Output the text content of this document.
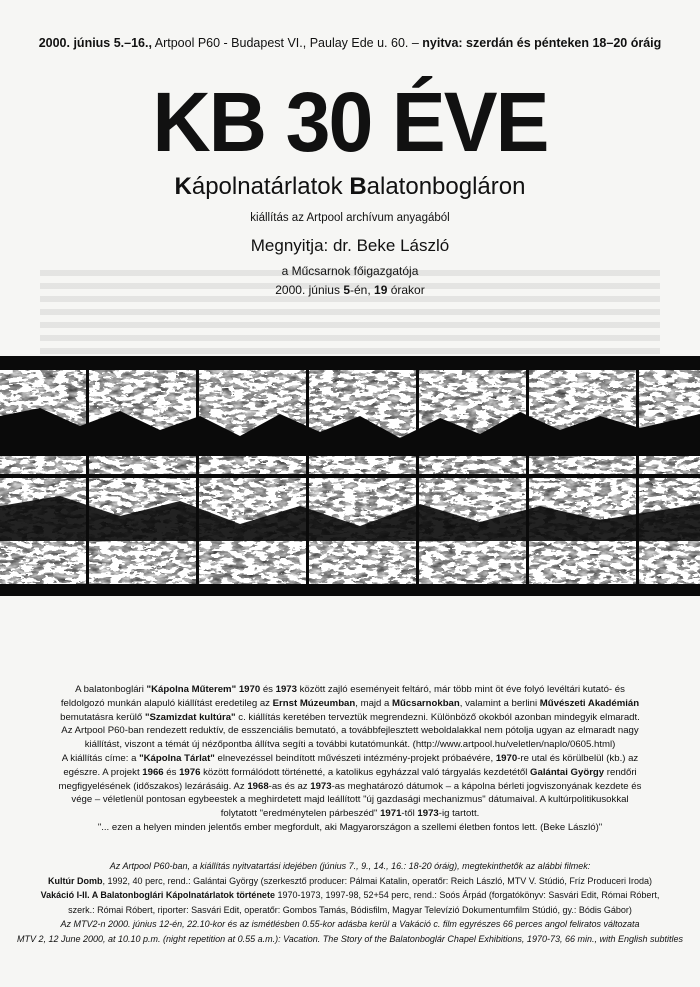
2000. június 5.–16., Artpool P60 - Budapest VI., Paulay Ede u. 60. – nyitva: szerdán és pénteken 18–20 óráig
KB 30 ÉVE
Kápolnatárlatok Balatonbogláron
kiállítás az Artpool archívum anyagából
Megnyitja: dr. Beke László
a Műcsarnok főigazgatója
2000. június 5-én, 19 órakor

A balatonboglári "Kápolna Műterem" 1970 és 1973 között zajló eseményeit feltáró, már több mint öt éve folyó levéltári kutató- és

feldolgozó munkán alapuló kiállítást eredetileg az Ernst Múzeumban, majd a Műcsarnokban, valamint a berlini Művészeti Akadémián

bemutatásra kerülő "Szamizdat kultúra" c. kiállítás keretében terveztük megrendezni. Különböző okokból azonban mindegyik elmaradt.

Az Artpool P60-ban rendezett reduktív, de esszenciális bemutató, a továbbfejlesztett weboldalakkal nem pótolja ugyan az elmaradt nagy

kiállítást, viszont a témát új nézőpontba állítva segíti a további kutatómunkát. (http://www.artpool.hu/veletlen/naplo/0605.html)

A kiállítás címe: a "Kápolna Tárlat" elnevezéssel beindított művészeti intézmény-projekt próbaévére, 1970-re utal és körülbelül (kb.) az

egészre. A projekt 1966 és 1976 között formálódott történetté, a katolikus egyházzal való tárgyalás kezdetétől Galántai György rendőri

megfigyelésének (időszakos) lezárásáig. Az 1968-as és az 1973-as meghatározó dátumok – a kápolna bérleti jogviszonyának kezdete és

vége – véletlenül pontosan egybeestek a meghirdetett majd leállított "új gazdasági mechanizmus" dátumaival. A kultúrpolitikusokkal

folytatott "eredménytelen párbeszéd" 1971-től 1973-ig tartott.

"... ezen a helyen minden jelentős ember megfordult, aki Magyarországon a szellemi életben fontos lett. (Beke László)"

Az Artpool P60-ban, a kiállítás nyitvatartási idejében (június 7., 9., 14., 16.: 18-20 óráig), megtekinthetők az alábbi filmek:

Kultúr Domb, 1992, 40 perc, rend.: Galántai György (szerkesztő producer: Pálmai Katalin, operatőr: Reich László, MTV V. Stúdió, Fríz Produceri Iroda)

Vakáció I-II. A Balatonboglári Kápolnatárlatok története 1970-1973, 1997-98, 52+54 perc, rend.: Soós Árpád (forgatókönyv: Sasvári Edit, Római Róbert,

szerk.: Római Róbert, riporter: Sasvári Edit, operatőr: Gombos Tamás, Bódisfilm, Magyar Televízió Dokumentumfilm Stúdió, gy.: Bódis Gábor)

Az MTV2-n 2000. június 12-én, 22.10-kor és az ismétlésben 0.55-kor adásba kerül a Vakáció c. film egyrészes 66 perces angol feliratos változata

MTV 2, 12 June 2000, at 10.10 p.m. (night repetition at 0.55 a.m.): Vacation. The Story of the Balatonboglár Chapel Exhibitions, 1970-73, 66 min., with English subtitles
